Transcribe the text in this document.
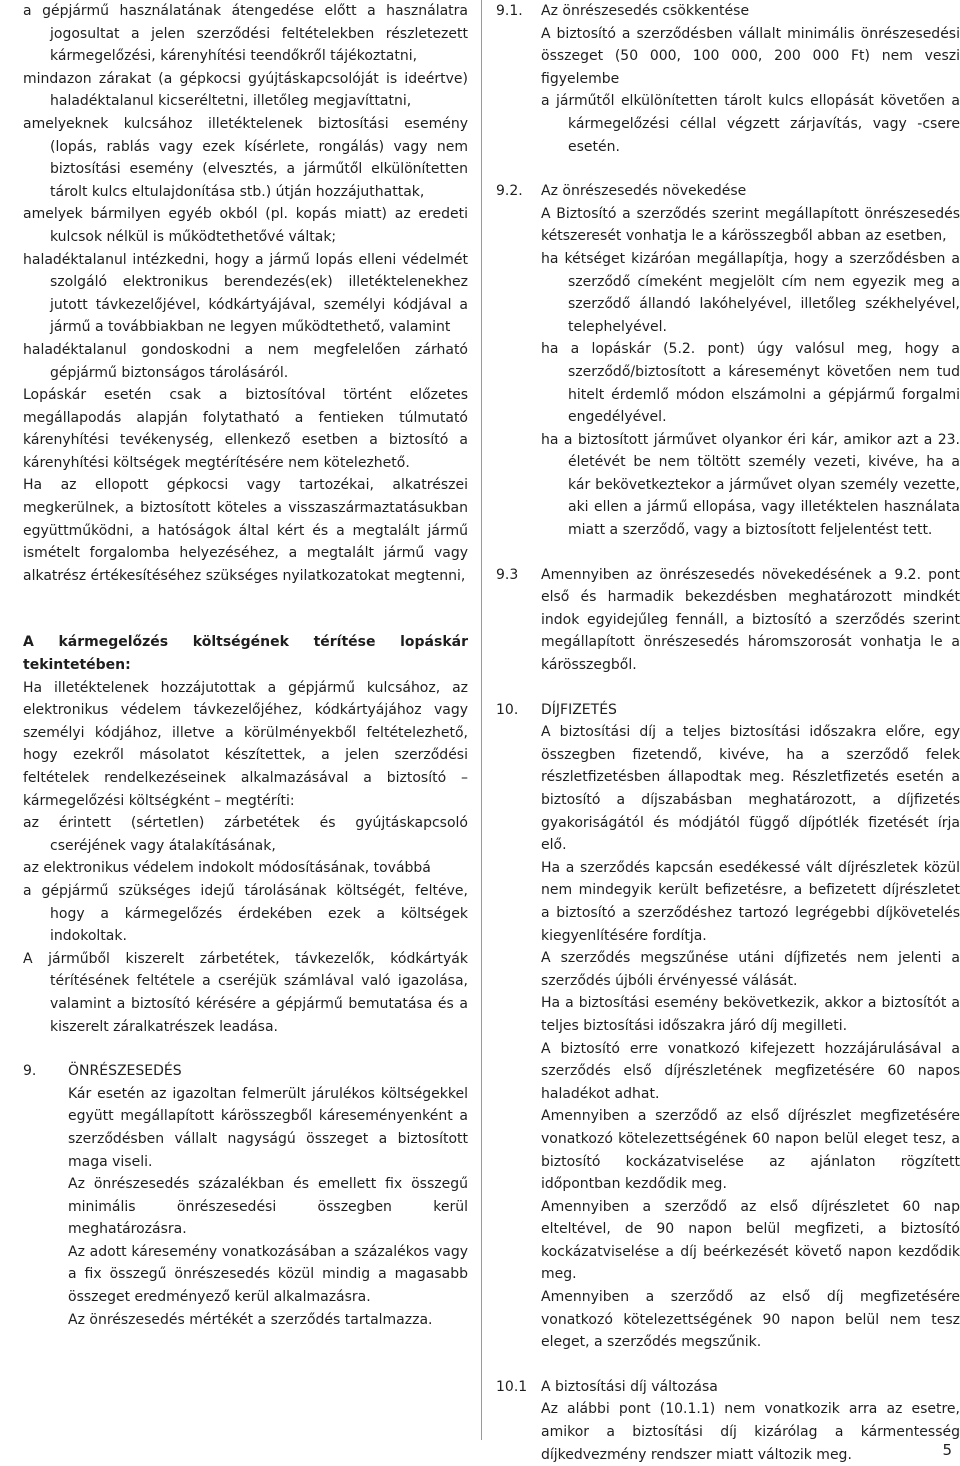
a gépjármű használatának átengedése előtt a használatra jogosultat a jelen szerződési feltételekben részletezett kármegelőzési, kárenyhítési teendőkről tájékoztatni,

mindazon zárakat (a gépkocsi gyújtáskapcsolóját is ideértve) haladéktalanul kicseréltetni, illetőleg megjavíttatni,

amelyeknek kulcsához illetéktelenek biztosítási esemény (lopás, rablás vagy ezek kísérlete, rongálás) vagy nem biztosítási esemény (elvesztés, a járműtől elkülönítetten tárolt kulcs eltulajdonítása stb.) útján hozzájuthattak,

amelyek bármilyen egyéb okból (pl. kopás miatt) az eredeti kulcsok nélkül is működtethetővé váltak;

haladéktalanul intézkedni, hogy a jármű lopás elleni védelmét szolgáló elektronikus berendezés(ek) illetéktelenekhez jutott távkezelőjével, kódkártyájával, személyi kódjával a jármű a továbbiakban ne legyen működtethető, valamint

haladéktalanul gondoskodni a nem megfelelően zárható gépjármű biztonságos tárolásáról.

Lopáskár esetén csak a biztosítóval történt előzetes megállapodás alapján folytatható a fentieken túlmutató kárenyhítési tevékenység, ellenkező esetben a biztosító a kárenyhítési költségek megtérítésére nem kötelezhető.

Ha az ellopott gépkocsi vagy tartozékai, alkatrészei megkerülnek, a biztosított köteles a visszaszármaztatásukban együttműködni, a hatóságok által kért és a megtalált jármű ismételt forgalomba helyezéséhez, a megtalált jármű vagy alkatrész értékesítéséhez szükséges nyilatkozatokat megtenni,

A kármegelőzés költségének térítése lopáskár tekintetében:

Ha illetéktelenek hozzájutottak a gépjármű kulcsához, az elektronikus védelem távkezelőjéhez, kódkártyájához vagy személyi kódjához, illetve a körülményekből feltételezhető, hogy ezekről másolatot készítettek, a jelen szerződési feltételek rendelkezéseinek alkalmazásával a biztosító – kármegelőzési költségként – megtéríti:

az érintett (sértetlen) zárbetétek és gyújtáskapcsoló cseréjének vagy átalakításának,

az elektronikus védelem indokolt módosításának, továbbá

a gépjármű szükséges idejű tárolásának költségét, feltéve, hogy a kármegelőzés érdekében ezek a költségek indokoltak.

A járműből kiszerelt zárbetétek, távkezelők, kódkártyák térítésének feltétele a cseréjük számlával való igazolása, valamint a biztosító kérésére a gépjármű bemutatása és a kiszerelt záralkatrészek leadása.

9.	ÖNRÉSZESEDÉS

Kár esetén az igazoltan felmerült járulékos költségekkel együtt megállapított kárösszegből káreseményenként a szerződésben vállalt nagyságú összeget a biztosított maga viseli.

Az önrészesedés százalékban és emellett fix összegű minimális önrészesedési összegben kerül meghatározásra.

Az adott káresemény vonatkozásában a százalékos vagy a fix összegű önrészesedés közül mindig a magasabb összeget eredményező kerül alkalmazásra.

Az önrészesedés mértékét a szerződés tartalmazza.

9.1.	Az önrészesedés csökkentése

A biztosító a szerződésben vállalt minimális önrészesedési összeget (50 000, 100 000, 200 000 Ft) nem veszi figyelembe

a járműtől elkülönítetten tárolt kulcs ellopását követően a kármegelőzési céllal végzett zárjavítás, vagy -csere esetén.

9.2.	Az önrészesedés növekedése

A Biztosító a szerződés szerint megállapított önrészesedés kétszeresét vonhatja le a kárösszegből abban az esetben,

ha kétséget kizáróan megállapítja, hogy a szerződésben a szerződő címeként megjelölt cím nem egyezik meg a szerződő állandó lakóhelyével, illetőleg székhelyével, telephelyével.

ha a lopáskár (5.2. pont) úgy valósul meg, hogy a szerződő/biztosított a káreseményt követően nem tud hitelt érdemlő módon elszámolni a gépjármű forgalmi engedélyével.

ha a biztosított járművet olyankor éri kár, amikor azt a 23. életévét be nem töltött személy vezeti, kivéve, ha a kár bekövetkeztekor a járművet olyan személy vezette, aki ellen a jármű ellopása, vagy illetéktelen használata miatt a szerződő, vagy a biztosított feljelentést tett.

9.3	Amennyiben az önrészesedés növekedésének a 9.2. pont első és harmadik bekezdésben meghatározott mindkét indok egyidejűleg fennáll, a biztosító a szerződés szerint megállapított önrészesedés háromszorosát vonhatja le a kárösszegből.

10.	DÍJFIZETÉS

A biztosítási díj a teljes biztosítási időszakra előre, egy összegben fizetendő, kivéve, ha a szerződő felek részletfizetésben állapodtak meg. Részletfizetés esetén a biztosító a díjszabásban meghatározott, a díjfizetés gyakoriságától és módjától függő díjpótlék fizetését írja elő.

Ha a szerződés kapcsán esedékessé vált díjrészletek közül nem mindegyik került befizetésre, a befizetett díjrészletet a biztosító a szerződéshez tartozó legrégebbi díjkövetelés kiegyenlítésére fordítja.

A szerződés megszűnése utáni díjfizetés nem jelenti a szerződés újbóli érvényessé válását.

Ha a biztosítási esemény bekövetkezik, akkor a biztosítót a teljes biztosítási időszakra járó díj megilleti.

A biztosító erre vonatkozó kifejezett hozzájárulásával a szerződés első díjrészletének megfizetésére 60 napos haladékot adhat.

Amennyiben a szerződő az első díjrészlet megfizetésére vonatkozó kötelezettségének 60 napon belül eleget tesz, a biztosító kockázatviselése az ajánlaton rögzített időpontban kezdődik meg.

Amennyiben a szerződő az első díjrészletet 60 nap elteltével, de 90 napon belül megfizeti, a biztosító kockázatviselése a díj beérkezését követő napon kezdődik meg.

Amennyiben a szerződő az első díj megfizetésére vonatkozó kötelezettségének 90 napon belül nem tesz eleget, a szerződés megszűnik.

10.1 A biztosítási díj változása

Az alábbi pont (10.1.1) nem vonatkozik arra az esetre, amikor a biztosítási díj kizárólag a kármentesség díjkedvezmény rendszer miatt változik meg.	5
